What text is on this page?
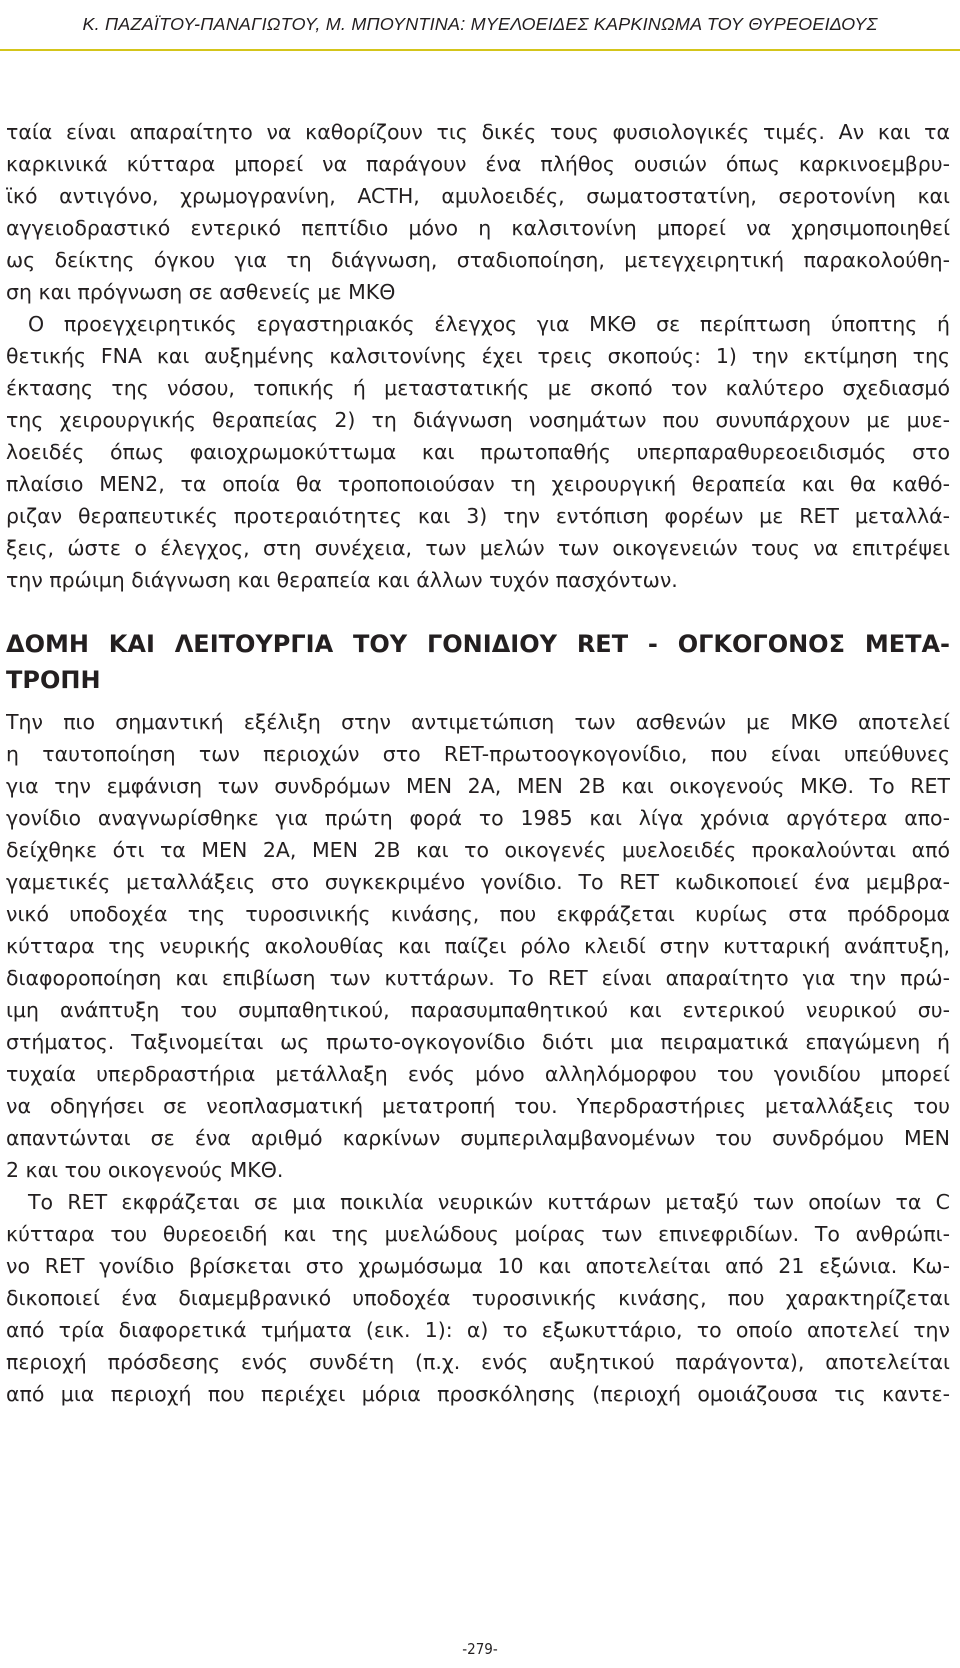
Κ. ΠΑΖΑΪΤΟΥ-ΠΑΝΑΓΙΩΤΟΥ, Μ. ΜΠΟΥΝΤΙΝΑ: ΜΥΕΛΟΕΙΔΕΣ ΚΑΡΚΙΝΩΜΑ ΤΟΥ ΘΥΡΕΟΕΙΔΟΥΣ
ταία είναι απαραίτητο να καθορίζουν τις δικές τους φυσιολογικές τιμές. Αν και τα
καρκινικά κύτταρα μπορεί να παράγουν ένα πλήθος ουσιών όπως καρκινοεμβρυ-
ϊκό αντιγόνο, χρωμογρανίνη, ACTH, αμυλοειδές, σωματοστατίνη, σεροτονίνη και
αγγειοδραστικό εντερικό πεπτίδιο μόνο η καλσιτονίνη μπορεί να χρησιμοποιηθεί
ως δείκτης όγκου για τη διάγνωση, σταδιοποίηση, μετεγχειρητική παρακολούθη-
ση και πρόγνωση σε ασθενείς με ΜΚΘ
Ο προεγχειρητικός εργαστηριακός έλεγχος για ΜΚΘ σε περίπτωση ύποπτης ή
θετικής FNA και αυξημένης καλσιτονίνης έχει τρεις σκοπούς: 1) την εκτίμηση της
έκτασης της νόσου, τοπικής ή μεταστατικής με σκοπό τον καλύτερο σχεδιασμό
της χειρουργικής θεραπείας 2) τη διάγνωση νοσημάτων που συνυπάρχουν με μυε-
λοειδές όπως φαιοχρωμοκύττωμα και πρωτοπαθής υπερπαραθυρεοειδισμός στο
πλαίσιο MEN2, τα οποία θα τροποποιούσαν τη χειρουργική θεραπεία και θα καθό-
ριζαν θεραπευτικές προτεραιότητες και 3) την εντόπιση φορέων με RET μεταλλά-
ξεις, ώστε ο έλεγχος, στη συνέχεια, των μελών των οικογενειών τους να επιτρέψει
την πρώιμη διάγνωση και θεραπεία και άλλων τυχόν πασχόντων.
ΔΟΜΗ ΚΑΙ ΛΕΙΤΟΥΡΓΙΑ ΤΟΥ ΓΟΝΙΔΙΟΥ RET - ΟΓΚΟΓΟΝΟΣ ΜΕΤΑ-
ΤΡΟΠΗ
Την πιο σημαντική εξέλιξη στην αντιμετώπιση των ασθενών με ΜΚΘ αποτελεί
η ταυτοποίηση των περιοχών στο RET-πρωτοογκογονίδιο, που είναι υπεύθυνες
για την εμφάνιση των συνδρόμων MEN 2A, MEN 2B και οικογενούς ΜΚΘ. Το RET
γονίδιο αναγνωρίσθηκε για πρώτη φορά το 1985 και λίγα χρόνια αργότερα απο-
δείχθηκε ότι τα MEN 2A, MEN 2B και το οικογενές μυελοειδές προκαλούνται από
γαμετικές μεταλλάξεις στο συγκεκριμένο γονίδιο. Το RET κωδικοποιεί ένα μεμβρα-
νικό υποδοχέα της τυροσινικής κινάσης, που εκφράζεται κυρίως στα πρόδρομα
κύτταρα της νευρικής ακολουθίας και παίζει ρόλο κλειδί στην κυτταρική ανάπτυξη,
διαφοροποίηση και επιβίωση των κυττάρων. Το RET είναι απαραίτητο για την πρώ-
ιμη ανάπτυξη του συμπαθητικού, παρασυμπαθητικού και εντερικού νευρικού συ-
στήματος. Ταξινομείται ως πρωτο-ογκογονίδιο διότι μια πειραματικά επαγώμενη ή
τυχαία υπερδραστήρια μετάλλαξη ενός μόνο αλληλόμορφου του γονιδίου μπορεί
να οδηγήσει σε νεοπλασματική μετατροπή του. Υπερδραστήριες μεταλλάξεις του
απαντώνται σε ένα αριθμό καρκίνων συμπεριλαμβανομένων του συνδρόμου MEN
2 και του οικογενούς ΜΚΘ.
Το RET εκφράζεται σε μια ποικιλία νευρικών κυττάρων μεταξύ των οποίων τα C
κύτταρα του θυρεοειδή και της μυελώδους μοίρας των επινεφριδίων. Το ανθρώπι-
νο RET γονίδιο βρίσκεται στο χρωμόσωμα 10 και αποτελείται από 21 εξώνια. Κω-
δικοποιεί ένα διαμεμβρανικό υποδοχέα τυροσινικής κινάσης, που χαρακτηρίζεται
από τρία διαφορετικά τμήματα (εικ. 1): α) το εξωκυττάριο, το οποίο αποτελεί την
περιοχή πρόσδεσης ενός συνδέτη (π.χ. ενός αυξητικού παράγοντα), αποτελείται
από μια περιοχή που περιέχει μόρια προσκόλησης (περιοχή ομοιάζουσα τις καντε-
-279-
